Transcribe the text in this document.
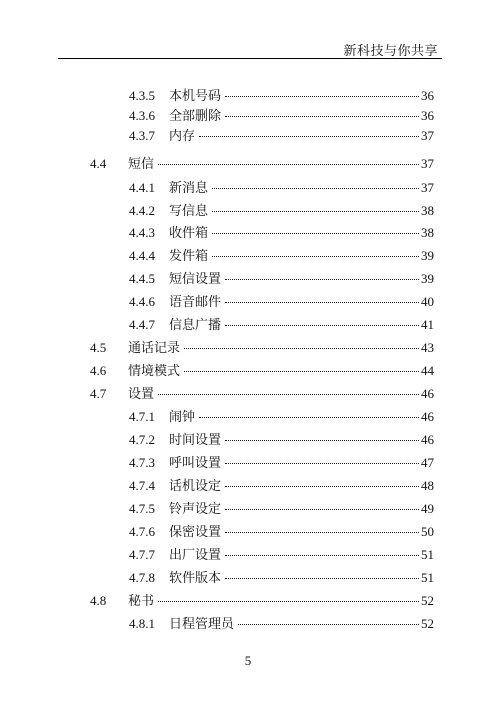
新科技与你共享
4.3.5	本机号码	36
4.3.6	全部删除	36
4.3.7	内存	37
4.4	短信	37
4.4.1	新消息	37
4.4.2	写信息	38
4.4.3	收件箱	38
4.4.4	发件箱	39
4.4.5	短信设置	39
4.4.6	语音邮件	40
4.4.7	信息广播	41
4.5	通话记录	43
4.6	情境模式	44
4.7	设置	46
4.7.1	闹钟	46
4.7.2	时间设置	46
4.7.3	呼叫设置	47
4.7.4	话机设定	48
4.7.5	铃声设定	49
4.7.6	保密设置	50
4.7.7	出厂设置	51
4.7.8	软件版本	51
4.8	秘书	52
4.8.1	日程管理员	52
5
